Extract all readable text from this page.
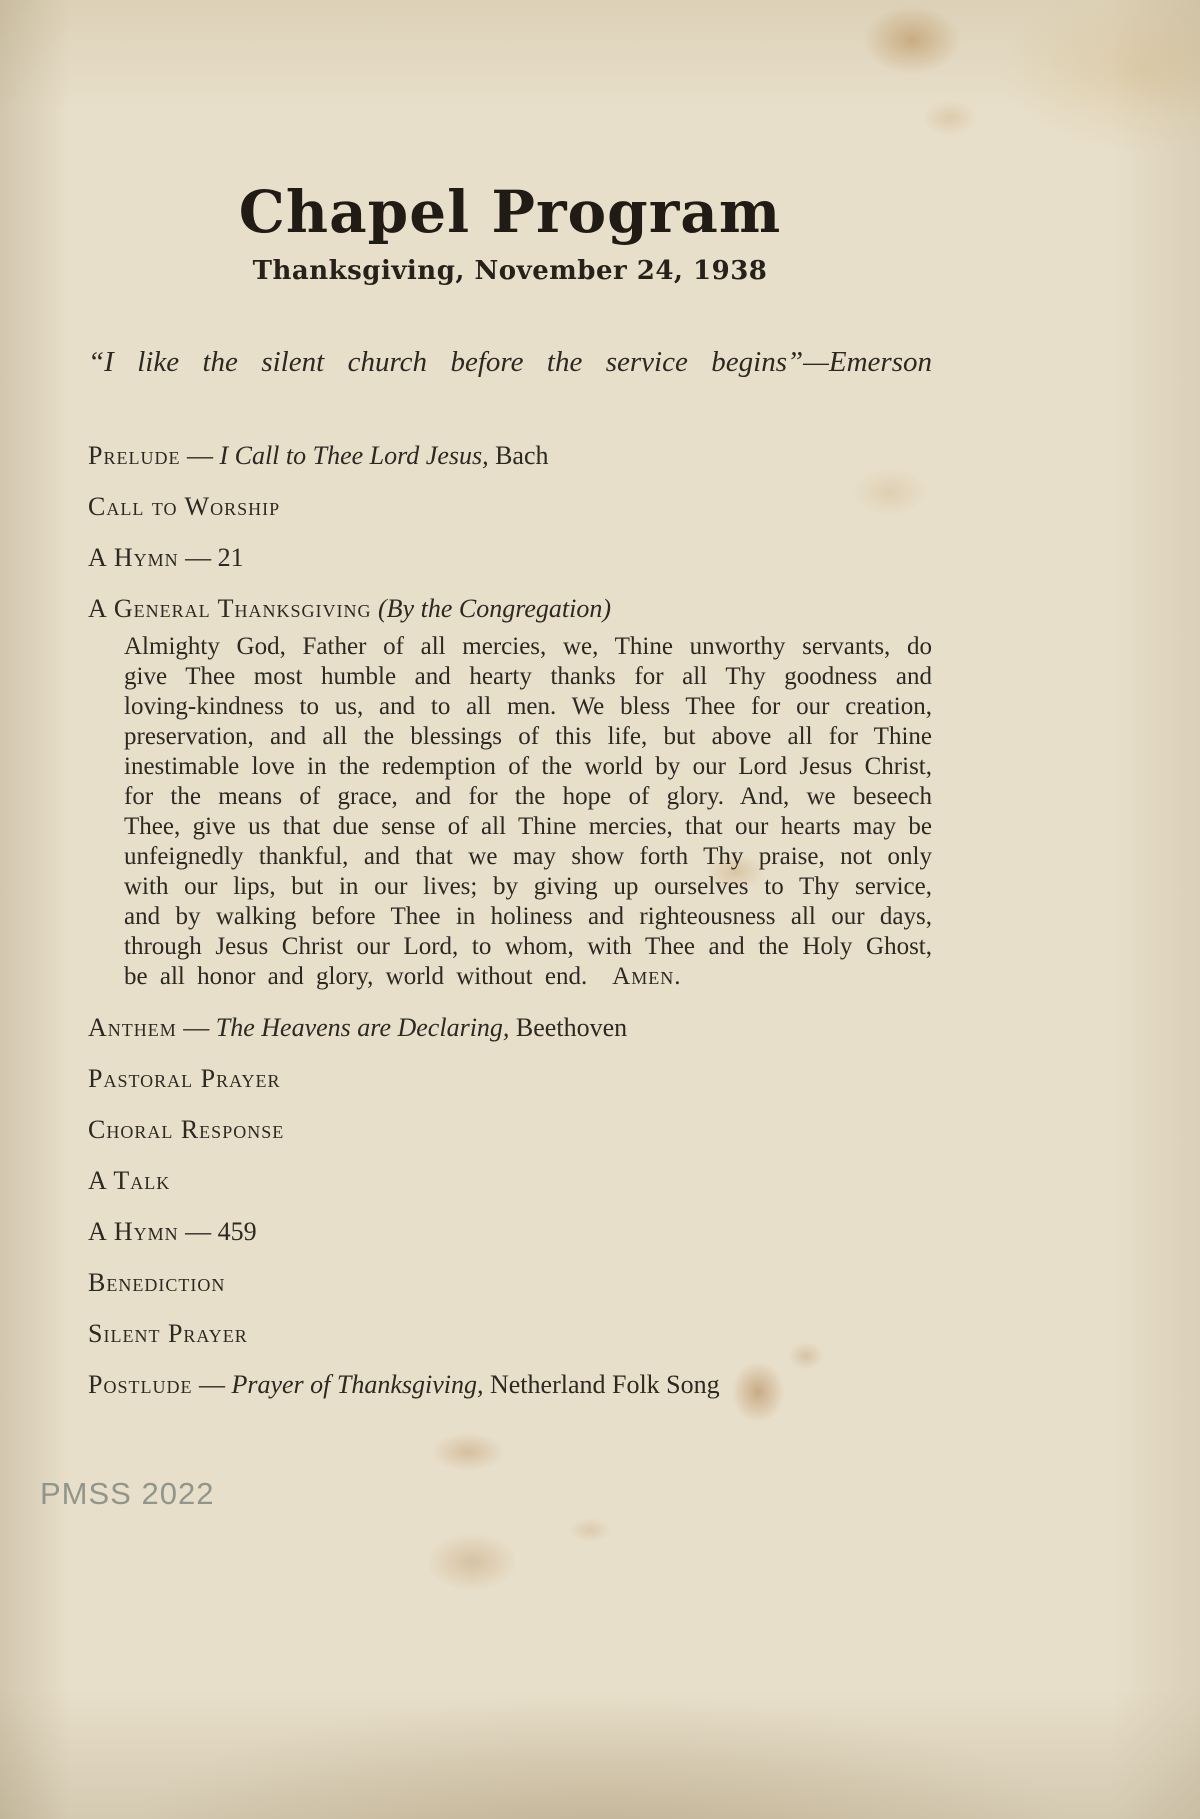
Chapel Program
Thanksgiving, November 24, 1938
“I like the silent church before the service begins”—Emerson
Prelude — I Call to Thee Lord Jesus, Bach
Call to Worship
A Hymn — 21
A General Thanksgiving (By the Congregation)

Almighty God, Father of all mercies, we, Thine unworthy servants, do give Thee most humble and hearty thanks for all Thy goodness and loving-kindness to us, and to all men. We bless Thee for our creation, preservation, and all the blessings of this life, but above all for Thine inestimable love in the redemption of the world by our Lord Jesus Christ, for the means of grace, and for the hope of glory. And, we beseech Thee, give us that due sense of all Thine mercies, that our hearts may be unfeignedly thankful, and that we may show forth Thy praise, not only with our lips, but in our lives; by giving up ourselves to Thy service, and by walking before Thee in holiness and righteousness all our days, through Jesus Christ our Lord, to whom, with Thee and the Holy Ghost, be all honor and glory, world without end.  Amen.

Anthem — The Heavens are Declaring, Beethoven
Pastoral Prayer
Choral Response
A Talk
A Hymn — 459
Benediction
Silent Prayer
Postlude — Prayer of Thanksgiving, Netherland Folk Song
PMSS 2022
